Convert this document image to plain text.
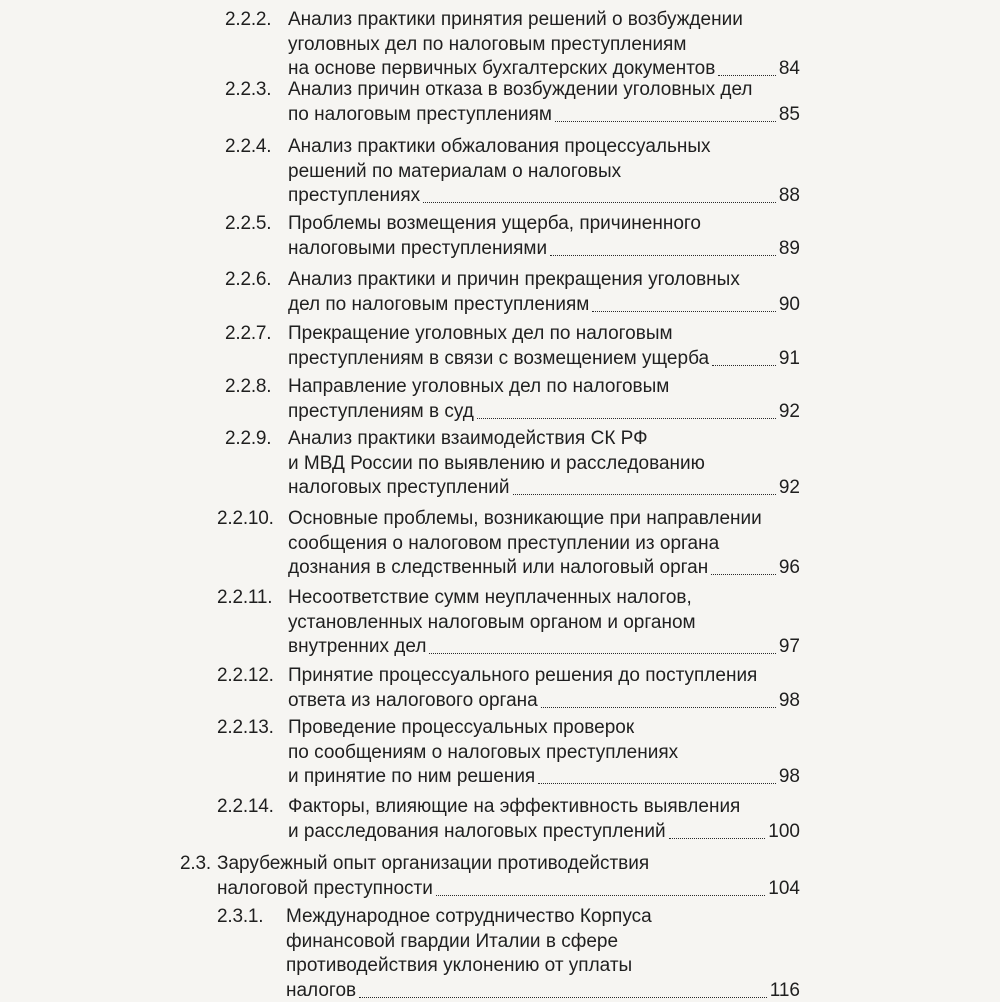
2.2.2. Анализ практики принятия решений о возбуждении
уголовных дел по налоговым преступлениям
на основе первичных бухгалтерских документов	84
2.2.3. Анализ причин отказа в возбуждении уголовных дел
по налоговым преступлениям	85
2.2.4. Анализ практики обжалования процессуальных
решений по материалам о налоговых
преступлениях	88
2.2.5. Проблемы возмещения ущерба, причиненного
налоговыми преступлениями	89
2.2.6. Анализ практики и причин прекращения уголовных
дел по налоговым преступлениям	90
2.2.7. Прекращение уголовных дел по налоговым
преступлениям в связи с возмещением ущерба	91
2.2.8. Направление уголовных дел по налоговым
преступлениям в суд	92
2.2.9. Анализ практики взаимодействия СК РФ
и МВД России по выявлению и расследованию
налоговых преступлений	92
2.2.10. Основные проблемы, возникающие при направлении
сообщения о налоговом преступлении из органа
дознания в следственный или налоговый орган	96
2.2.11. Несоответствие сумм неуплаченных налогов,
установленных налоговым органом и органом
внутренних дел	97
2.2.12. Принятие процессуального решения до поступления
ответа из налогового органа	98
2.2.13. Проведение процессуальных проверок
по сообщениям о налоговых преступлениях
и принятие по ним решения	98
2.2.14. Факторы, влияющие на эффективность выявления
и расследования налоговых преступлений	100
2.3. Зарубежный опыт организации противодействия
налоговой преступности	104
2.3.1. Международное сотрудничество Корпуса
финансовой гвардии Италии в сфере
противодействия уклонению от уплаты
налогов	116
